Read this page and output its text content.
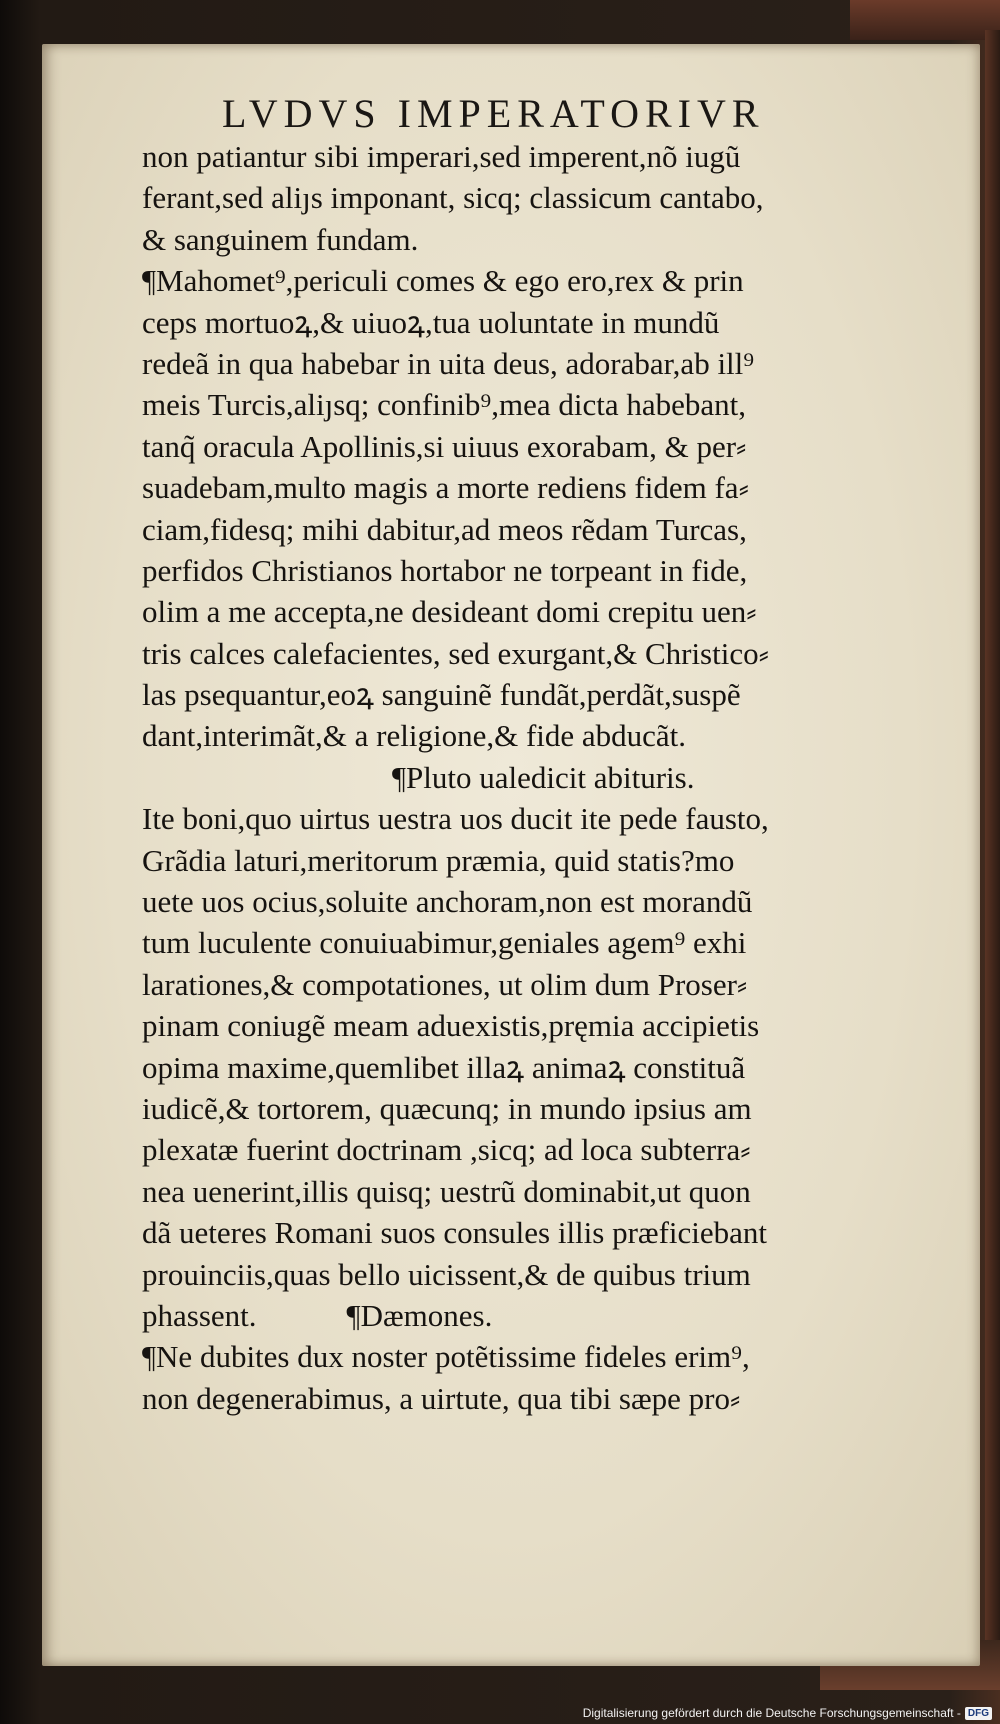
LVDVS IMPERATORIVR
non patiantur sibi imperari,sed imperent,nõ iugũ
ferant,sed aliȷs imponant, sicq; classicum cantabo,
& sanguinem fundam.
¶Mahomet⁹,periculi comes & ego ero,rex & prin
ceps mortuoꝝ,& uiuoꝝ,tua uoluntate in mundũ
redeã in qua habebar in uita deus, adorabar,ab ill⁹
meis Turcis,aliȷsq; confinib⁹,mea dicta habebant,
tanq̃ oracula Apollinis,si uiuus exorabam, & per⸗
suadebam,multo magis a morte rediens fidem fa⸗
ciam,fidesq; mihi dabitur,ad meos rẽdam Turcas,
perfidos Christianos hortabor ne torpeant in fide,
olim a me accepta,ne desideant domi crepitu uen⸗
tris calces calefacientes, sed exurgant,& Christico⸗
las psequantur,eoꝝ sanguinẽ fundãt,perdãt,suspẽ
dant,interimãt,& a religione,& fide abducãt.
¶Pluto ualedicit abituris.
Ite boni,quo uirtus uestra uos ducit ite pede fausto,
Grãdia laturi,meritorum præmia, quid statis?mo
uete uos ocius,soluite anchoram,non est morandũ
tum luculente conuiuabimur,geniales agem⁹ exhi
larationes,& compotationes, ut olim dum Proser⸗
pinam coniugẽ meam aduexistis,pręmia accipietis
opima maxime,quemlibet illaꝝ animaꝝ constituã
iudicẽ,& tortorem, quæcunq; in mundo ipsius am
plexatæ fuerint doctrinam ,sicq; ad loca subterra⸗
nea uenerint,illis quisq; uestrũ dominabit,ut quon
dã ueteres Romani suos consules illis præficiebant
prouinciis,quas bello uicissent,& de quibus trium
phassent.	¶Dæmones.
¶Ne dubites dux noster potẽtissime fideles erim⁹,
non degenerabimus, a uirtute, qua tibi sæpe pro⸗
Digitalisierung gefördert durch die Deutsche Forschungsgemeinschaft - DFG
